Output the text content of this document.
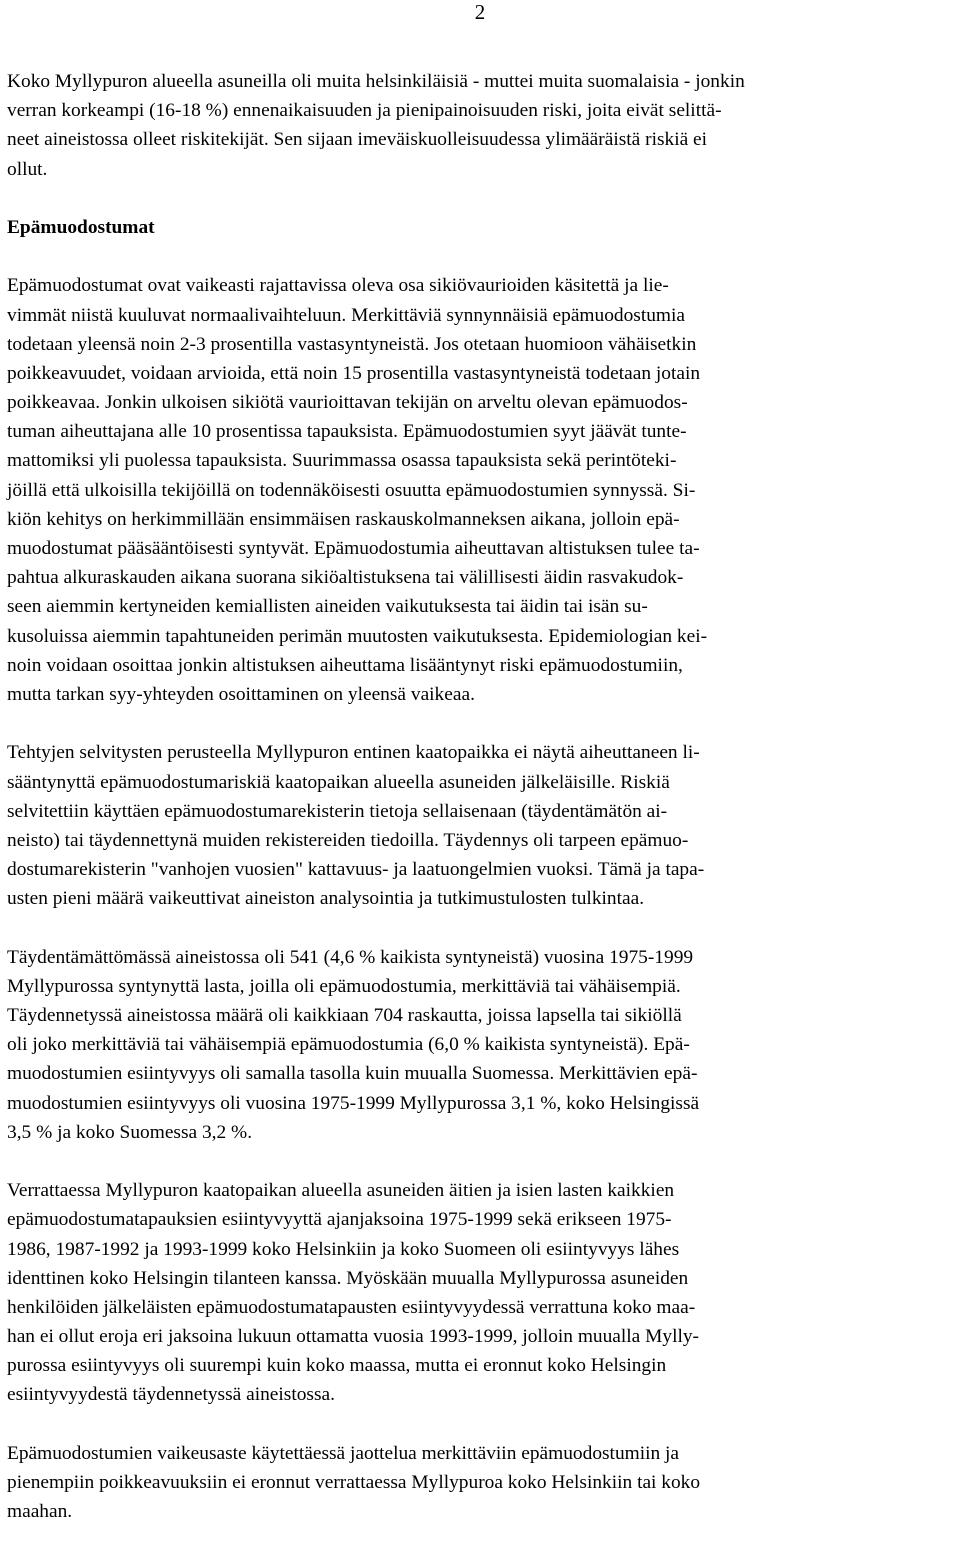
2
Koko Myllypuron alueella asuneilla oli muita helsinkiläisiä - muttei muita suomalaisia - jonkin
verran korkeampi (16-18 %) ennenaikaisuuden ja pienipainoisuuden riski, joita eivät selittä-
neet aineistossa olleet riskitekijät. Sen sijaan imeväiskuolleisuudessa ylimääräistä riskiä ei
ollut.
Epämuodostumat
Epämuodostumat ovat vaikeasti rajattavissa oleva osa sikiövaurioiden käsitettä ja lie-
vimmät niistä kuuluvat normaalivaihteluun. Merkittäviä synnynnäisiä epämuodostumia
todetaan yleensä noin 2-3 prosentilla vastasyntyneistä. Jos otetaan huomioon vähäisetkin
poikkeavuudet, voidaan arvioida, että noin 15 prosentilla vastasyntyneistä todetaan jotain
poikkeavaa. Jonkin ulkoisen sikiötä vaurioittavan tekijän on arveltu olevan epämuodos-
tuman aiheuttajana alle 10 prosentissa tapauksista. Epämuodostumien syyt jäävät tunte-
mattomiksi yli puolessa tapauksista. Suurimmassa osassa tapauksista sekä perintöteki-
jöillä että ulkoisilla tekijöillä on todennäköisesti osuutta epämuodostumien synnyssä. Si-
kiön kehitys on herkimmillään ensimmäisen raskauskolmanneksen aikana, jolloin epä-
muodostumat pääsääntöisesti syntyvät. Epämuodostumia aiheuttavan altistuksen tulee ta-
pahtua alkuraskauden aikana suorana sikiöaltistuksena tai välillisesti äidin rasvakudok-
seen aiemmin kertyneiden kemiallisten aineiden vaikutuksesta tai äidin tai isän su-
kusoluissa aiemmin tapahtuneiden perimän muutosten vaikutuksesta. Epidemiologian kei-
noin voidaan osoittaa jonkin altistuksen aiheuttama lisääntynyt riski epämuodostumiin,
mutta tarkan syy-yhteyden osoittaminen on yleensä vaikeaa.
Tehtyjen selvitysten perusteella Myllypuron entinen kaatopaikka ei näytä aiheuttaneen li-
sääntynyttä epämuodostumariskiä kaatopaikan alueella asuneiden jälkeläisille. Riskiä
selvitettiin käyttäen epämuodostumarekisterin tietoja sellaisenaan (täydentämätön ai-
neisto) tai täydennettynä muiden rekistereiden tiedoilla. Täydennys oli tarpeen epämuo-
dostumarekisterin "vanhojen vuosien" kattavuus- ja laatuongelmien vuoksi. Tämä ja tapa-
usten pieni määrä vaikeuttivat aineiston analysointia ja tutkimustulosten tulkintaa.
Täydentämättömässä aineistossa oli 541 (4,6 % kaikista syntyneistä) vuosina 1975-1999
Myllypurossa syntynyttä lasta, joilla oli epämuodostumia, merkittäviä tai vähäisempiä.
Täydennetyssä aineistossa määrä oli kaikkiaan 704 raskautta, joissa lapsella tai sikiöllä
oli joko merkittäviä tai vähäisempiä epämuodostumia (6,0 % kaikista syntyneistä). Epä-
muodostumien esiintyvyys oli samalla tasolla kuin muualla Suomessa. Merkittävien epä-
muodostumien esiintyvyys oli vuosina 1975-1999 Myllypurossa 3,1 %, koko Helsingissä
3,5 % ja koko Suomessa 3,2 %.
Verrattaessa Myllypuron kaatopaikan alueella asuneiden äitien ja isien lasten kaikkien
epämuodostumatapauksien esiintyvyyttä ajanjaksoina 1975-1999 sekä erikseen 1975-
1986, 1987-1992 ja 1993-1999 koko Helsinkiin ja koko Suomeen oli esiintyvyys lähes
identtinen koko Helsingin tilanteen kanssa. Myöskään muualla Myllypurossa asuneiden
henkilöiden jälkeläisten epämuodostumatapausten esiintyvyydessä verrattuna koko maa-
han ei ollut eroja eri jaksoina lukuun ottamatta vuosia 1993-1999, jolloin muualla Mylly-
purossa esiintyvyys oli suurempi kuin koko maassa, mutta ei eronnut koko Helsingin
esiintyvyydestä täydennetyssä aineistossa.
Epämuodostumien vaikeusaste käytettäessä jaottelua merkittäviin epämuodostumiin ja
pienempiin poikkeavuuksiin ei eronnut verrattaessa Myllypuroa koko Helsinkiin tai koko
maahan.
